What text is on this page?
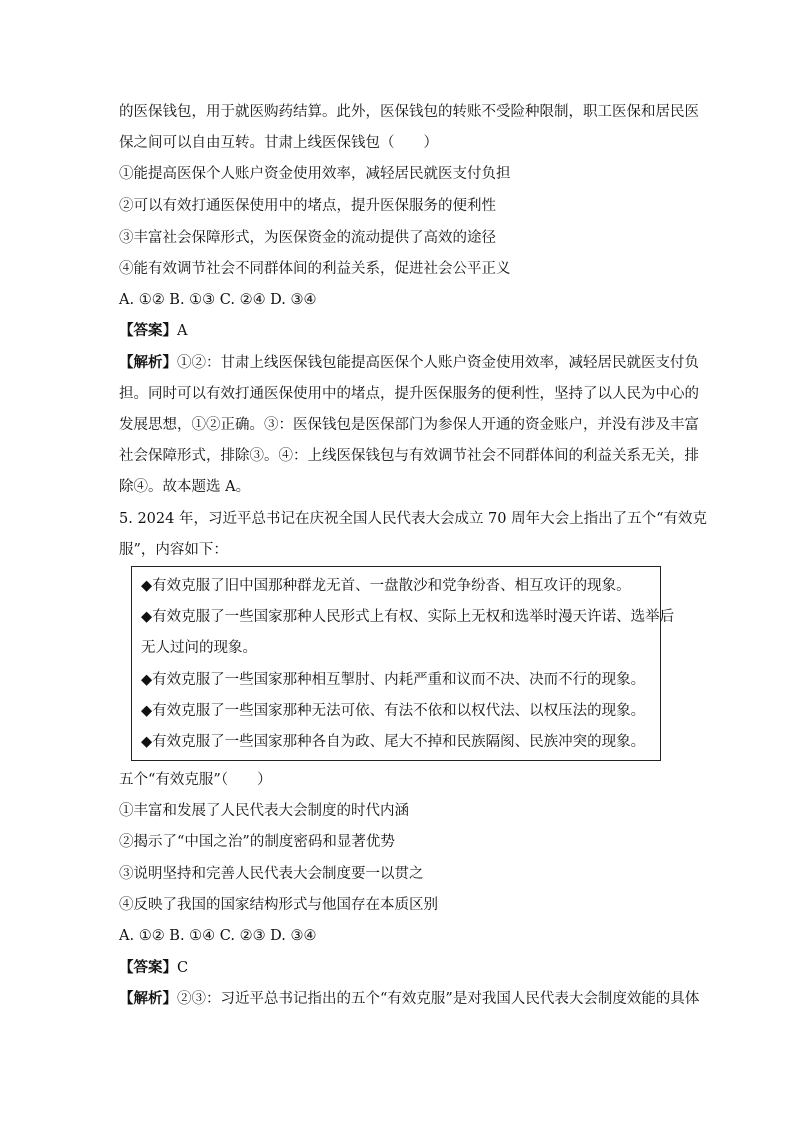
的医保钱包，用于就医购药结算。此外，医保钱包的转账不受险种限制，职工医保和居民医
保之间可以自由互转。甘肃上线医保钱包（　　）
①能提高医保个人账户资金使用效率，减轻居民就医支付负担
②可以有效打通医保使用中的堵点，提升医保服务的便利性
③丰富社会保障形式，为医保资金的流动提供了高效的途径
④能有效调节社会不同群体间的利益关系，促进社会公平正义
A. ①② B. ①③ C. ②④ D. ③④
【答案】A
【解析】①②：甘肃上线医保钱包能提高医保个人账户资金使用效率，减轻居民就医支付负
担。同时可以有效打通医保使用中的堵点，提升医保服务的便利性，坚持了以人民为中心的
发展思想，①②正确。③：医保钱包是医保部门为参保人开通的资金账户，并没有涉及丰富
社会保障形式，排除③。④：上线医保钱包与有效调节社会不同群体间的利益关系无关，排
除④。故本题选 A。
5. 2024 年，习近平总书记在庆祝全国人民代表大会成立 70 周年大会上指出了五个“有效克
服”，内容如下：
◆有效克服了旧中国那种群龙无首、一盘散沙和党争纷沓、相互攻讦的现象。
◆有效克服了一些国家那种人民形式上有权、实际上无权和选举时漫天许诺、选举后
无人过问的现象。
◆有效克服了一些国家那种相互掣肘、内耗严重和议而不决、决而不行的现象。
◆有效克服了一些国家那种无法可依、有法不依和以权代法、以权压法的现象。
◆有效克服了一些国家那种各自为政、尾大不掉和民族隔阂、民族冲突的现象。
五个“有效克服”（　　）
①丰富和发展了人民代表大会制度的时代内涵
②揭示了“中国之治”的制度密码和显著优势
③说明坚持和完善人民代表大会制度要一以贯之
④反映了我国的国家结构形式与他国存在本质区别
A. ①② B. ①④ C. ②③ D. ③④
【答案】C
【解析】②③：习近平总书记指出的五个“有效克服”是对我国人民代表大会制度效能的具体
